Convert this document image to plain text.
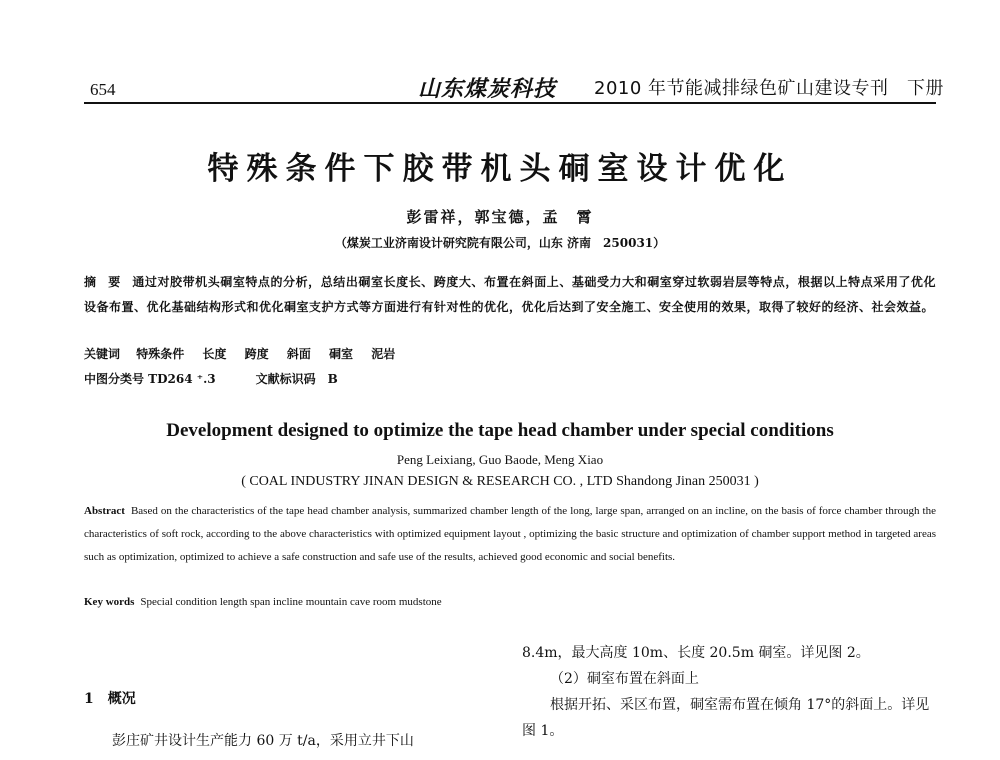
654	山东煤炭科技 2010 年节能减排绿色矿山建设专刊　下册
特殊条件下胶带机头硐室设计优化
彭雷祥，郭宝德，孟　霄
（煤炭工业济南设计研究院有限公司，山东 济南　250031）
摘 要 通过对胶带机头硐室特点的分析，总结出硐室长度长、跨度大、布置在斜面上、基础受力大和硐室穿过软弱岩层等特点，根据以上特点采用了优化设备布置、优化基础结构形式和优化硐室支护方式等方面进行有针对性的优化，优化后达到了安全施工、安全使用的效果，取得了较好的经济、社会效益。
关键词 特殊条件 长度 跨度 斜面 硐室 泥岩
中图分类号 TD264 ⁺.3	文献标识码　B
Development designed to optimize the tape head chamber under special conditions
Peng Leixiang, Guo Baode, Meng Xiao
( COAL INDUSTRY JINAN DESIGN & RESEARCH CO. , LTD Shandong Jinan 250031 )
Abstract Based on the characteristics of the tape head chamber analysis, summarized chamber length of the long, large span, arranged on an incline, on the basis of force chamber through the characteristics of soft rock, according to the above characteristics with optimized equipment layout , optimizing the basic structure and optimization of chamber support method in targeted areas such as optimization, optimized to achieve a safe construction and safe use of the results, achieved good economic and social benefits.
Key words Special condition length span incline mountain cave room mudstone
1 概况
彭庄矿井设计生产能力 60 万 t/a，采用立井下山

8.4m，最大高度 10m、长度 20.5m 硐室。详见图 2。

（2）硐室布置在斜面上

根据开拓、采区布置，硐室需布置在倾角 17°的斜面上。详见图 1。
